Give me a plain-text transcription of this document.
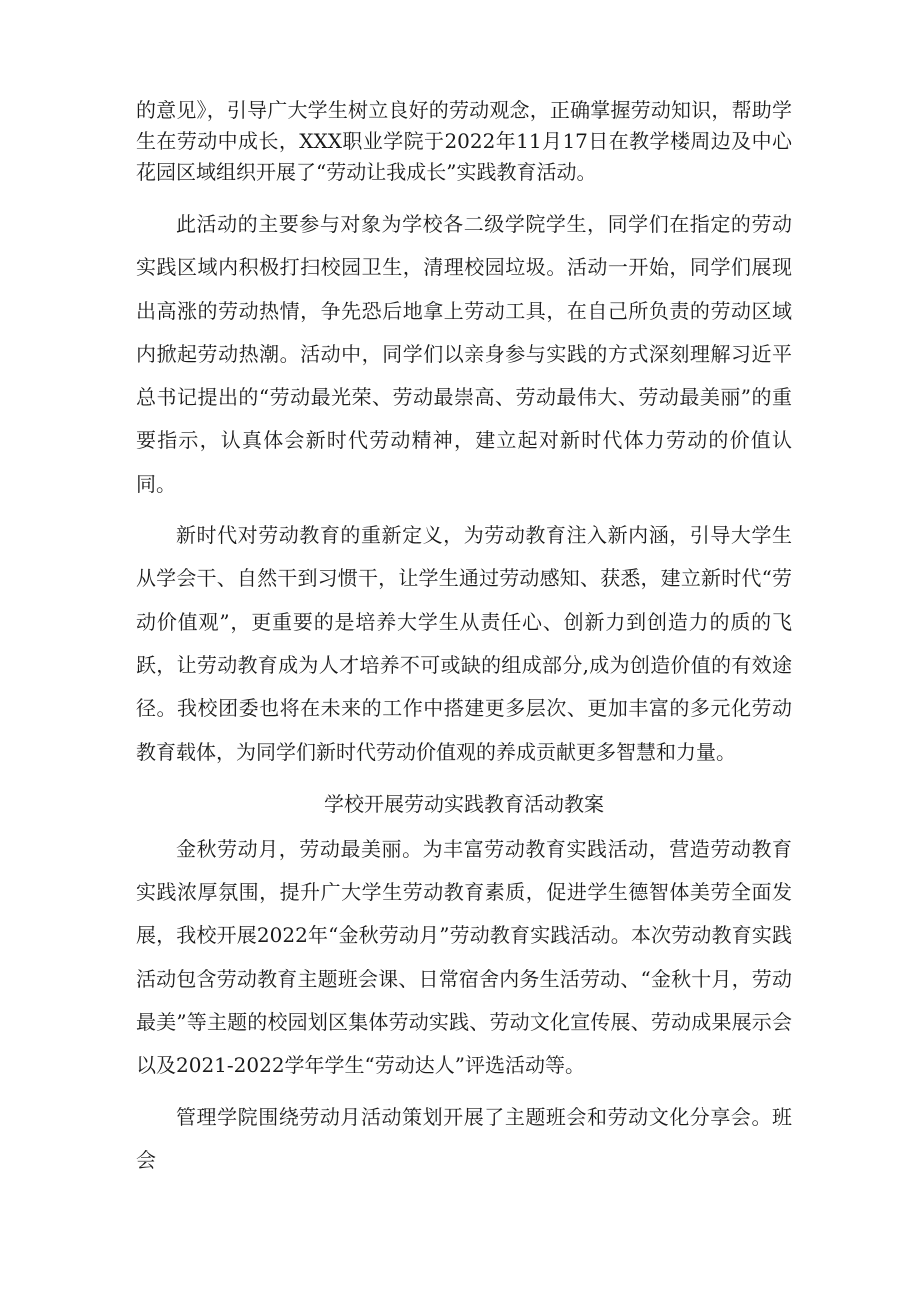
的意见》，引导广大学生树立良好的劳动观念，正确掌握劳动知识，帮助学生在劳动中成长，XXX职业学院于2022年11月17日在教学楼周边及中心花园区域组织开展了“劳动让我成长”实践教育活动。

此活动的主要参与对象为学校各二级学院学生，同学们在指定的劳动实践区域内积极打扫校园卫生，清理校园垃圾。活动一开始，同学们展现出高涨的劳动热情，争先恐后地拿上劳动工具，在自己所负责的劳动区域内掀起劳动热潮。活动中，同学们以亲身参与实践的方式深刻理解习近平总书记提出的“劳动最光荣、劳动最崇高、劳动最伟大、劳动最美丽”的重要指示，认真体会新时代劳动精神，建立起对新时代体力劳动的价值认同。

新时代对劳动教育的重新定义，为劳动教育注入新内涵，引导大学生从学会干、自然干到习惯干，让学生通过劳动感知、获悉，建立新时代“劳动价值观”，更重要的是培养大学生从责任心、创新力到创造力的质的飞跃，让劳动教育成为人才培养不可或缺的组成部分,成为创造价值的有效途径。我校团委也将在未来的工作中搭建更多层次、更加丰富的多元化劳动教育载体，为同学们新时代劳动价值观的养成贡献更多智慧和力量。

学校开展劳动实践教育活动教案

金秋劳动月，劳动最美丽。为丰富劳动教育实践活动，营造劳动教育实践浓厚氛围，提升广大学生劳动教育素质，促进学生德智体美劳全面发展，我校开展2022年“金秋劳动月”劳动教育实践活动。本次劳动教育实践活动包含劳动教育主题班会课、日常宿舍内务生活劳动、“金秋十月，劳动最美”等主题的校园划区集体劳动实践、劳动文化宣传展、劳动成果展示会以及2021-2022学年学生“劳动达人”评选活动等。

管理学院围绕劳动月活动策划开展了主题班会和劳动文化分享会。班会
